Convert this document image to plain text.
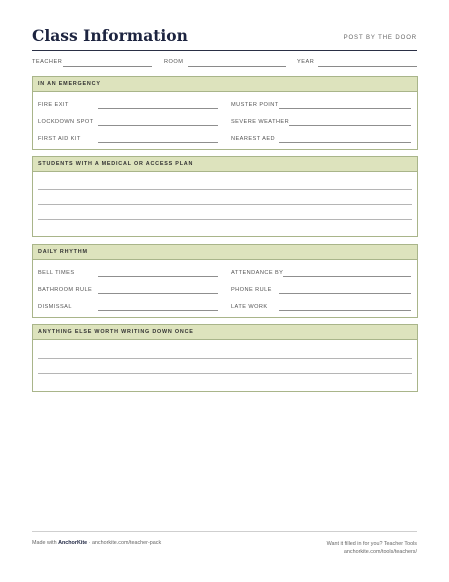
Class Information	POST BY THE DOOR
TEACHER	ROOM	YEAR
IN AN EMERGENCY
FIRE EXIT	MUSTER POINT
LOCKDOWN SPOT	SEVERE WEATHER
FIRST AID KIT	NEAREST AED
STUDENTS WITH A MEDICAL OR ACCESS PLAN
DAILY RHYTHM
BELL TIMES	ATTENDANCE BY
BATHROOM RULE	PHONE RULE
DISMISSAL	LATE WORK
ANYTHING ELSE WORTH WRITING DOWN ONCE
Made with AnchorKite · anchorkite.com/teacher-pack	Want it filled in for you? Teacher Tools
anchorkite.com/tools/teachers/
